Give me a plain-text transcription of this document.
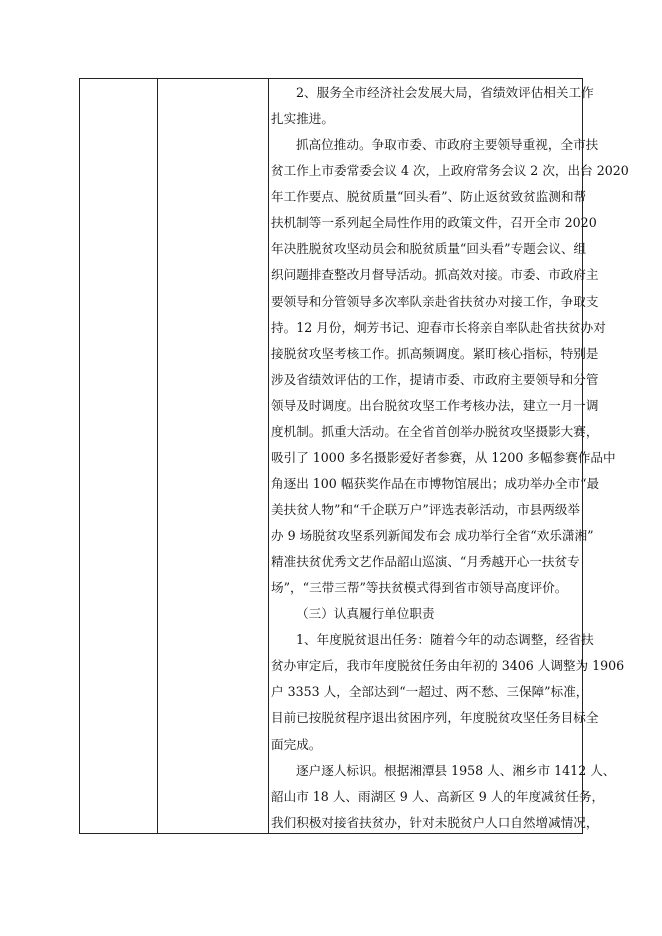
2、服务全市经济社会发展大局，省绩效评估相关工作
扎实推进。
抓高位推动。争取市委、市政府主要领导重视，全市扶
贫工作上市委常委会议 4 次，上政府常务会议 2 次，出台 2020
年工作要点、脱贫质量“回头看”、防止返贫致贫监测和帮
扶机制等一系列起全局性作用的政策文件，召开全市 2020
年决胜脱贫攻坚动员会和脱贫质量“回头看”专题会议、组
织问题排查整改月督导活动。抓高效对接。市委、市政府主
要领导和分管领导多次率队亲赴省扶贫办对接工作，争取支
持。12 月份，炯芳书记、迎春市长将亲自率队赴省扶贫办对
接脱贫攻坚考核工作。抓高频调度。紧盯核心指标，特别是
涉及省绩效评估的工作，提请市委、市政府主要领导和分管
领导及时调度。出台脱贫攻坚工作考核办法，建立一月一调
度机制。抓重大活动。在全省首创举办脱贫攻坚摄影大赛，
吸引了 1000 多名摄影爱好者参赛，从 1200 多幅参赛作品中
角逐出 100 幅获奖作品在市博物馆展出；成功举办全市“最
美扶贫人物”和“千企联万户”评选表彰活动，市县两级举
办 9 场脱贫攻坚系列新闻发布会 成功举行全省“欢乐潇湘”
精准扶贫优秀文艺作品韶山巡演、“月秀越开心一扶贫专
场”，“三带三帮”等扶贫模式得到省市领导高度评价。
（三）认真履行单位职责
1、年度脱贫退出任务：随着今年的动态调整，经省扶
贫办审定后，我市年度脱贫任务由年初的 3406 人调整为 1906
户 3353 人，全部达到“一超过、两不愁、三保障”标准，
目前已按脱贫程序退出贫困序列，年度脱贫攻坚任务目标全
面完成。
逐户逐人标识。根据湘潭县 1958 人、湘乡市 1412 人、
韶山市 18 人、雨湖区 9 人、高新区 9 人的年度减贫任务，
我们积极对接省扶贫办，针对未脱贫户人口自然增减情况，
